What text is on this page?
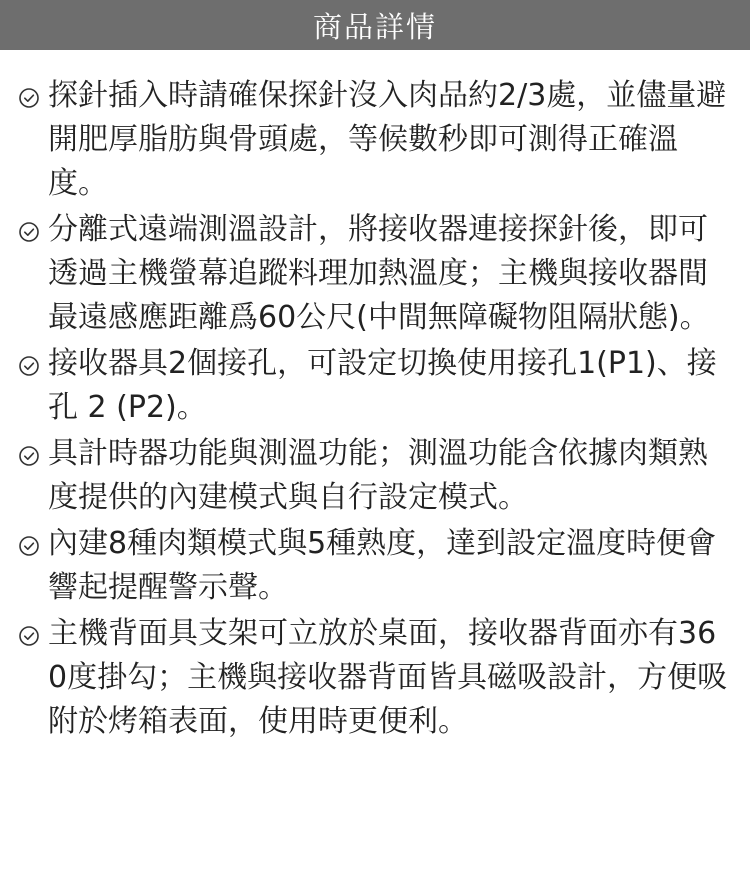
商品詳情
探針插入時請確保探針沒入肉品約2/3處，並儘量避開肥厚脂肪與骨頭處，等候數秒即可測得正確溫度。
分離式遠端測溫設計，將接收器連接探針後，即可透過主機螢幕追蹤料理加熱溫度；主機與接收器間最遠感應距離爲60公尺(中間無障礙物阻隔狀態)。
接收器具2個接孔，可設定切換使用接孔1(P1)、接孔 2 (P2)。
具計時器功能與測溫功能；測溫功能含依據肉類熟度提供的內建模式與自行設定模式。
內建8種肉類模式與5種熟度，達到設定溫度時便會響起提醒警示聲。
主機背面具支架可立放於桌面，接收器背面亦有360度掛勾；主機與接收器背面皆具磁吸設計，方便吸附於烤箱表面，使用時更便利。
